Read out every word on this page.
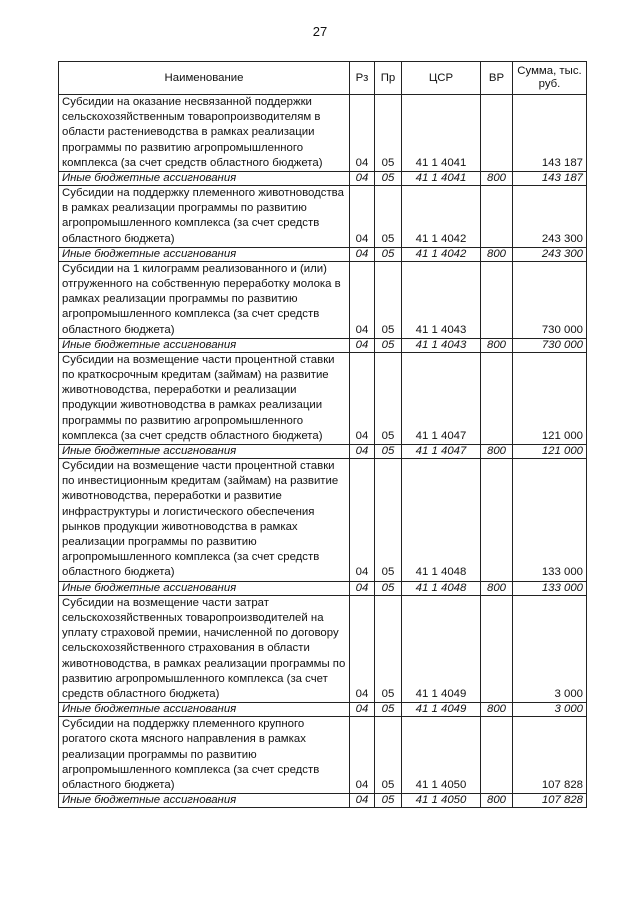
27
Наименование	Рз	Пр	ЦСР	ВР	Сумма, тыс. руб.
Субсидии на оказание несвязанной поддержки сельскохозяйственным товаропроизводителям в области растениеводства в рамках реализации программы по развитию агропромышленного комплекса (за счет средств областного бюджета)	04	05	41 1 4041		143 187
Иные бюджетные ассигнования	04	05	41 1 4041	800	143 187
Субсидии на поддержку племенного животноводства в рамках реализации программы по развитию агропромышленного комплекса (за счет средств областного бюджета)	04	05	41 1 4042		243 300
Иные бюджетные ассигнования	04	05	41 1 4042	800	243 300
Субсидии на 1 килограмм реализованного и (или) отгруженного на собственную переработку молока в рамках реализации программы по развитию агропромышленного комплекса (за счет средств областного бюджета)	04	05	41 1 4043		730 000
Иные бюджетные ассигнования	04	05	41 1 4043	800	730 000
Субсидии на возмещение части процентной ставки по краткосрочным кредитам (займам) на развитие животноводства, переработки и реализации продукции животноводства в рамках реализации программы по развитию агропромышленного комплекса (за счет средств областного бюджета)	04	05	41 1 4047		121 000
Иные бюджетные ассигнования	04	05	41 1 4047	800	121 000
Субсидии на возмещение части процентной ставки по инвестиционным кредитам (займам) на развитие животноводства, переработки и развитие инфраструктуры и логистического обеспечения рынков продукции животноводства в рамках реализации программы по развитию агропромышленного комплекса (за счет средств областного бюджета)	04	05	41 1 4048		133 000
Иные бюджетные ассигнования	04	05	41 1 4048	800	133 000
Субсидии на возмещение части затрат сельскохозяйственных товаропроизводителей на уплату страховой премии, начисленной по договору сельскохозяйственного страхования в области животноводства, в рамках реализации программы по развитию агропромышленного комплекса (за счет средств областного бюджета)	04	05	41 1 4049		3 000
Иные бюджетные ассигнования	04	05	41 1 4049	800	3 000
Субсидии на поддержку племенного крупного рогатого скота мясного направления в рамках реализации программы по развитию агропромышленного комплекса (за счет средств областного бюджета)	04	05	41 1 4050		107 828
Иные бюджетные ассигнования	04	05	41 1 4050	800	107 828
